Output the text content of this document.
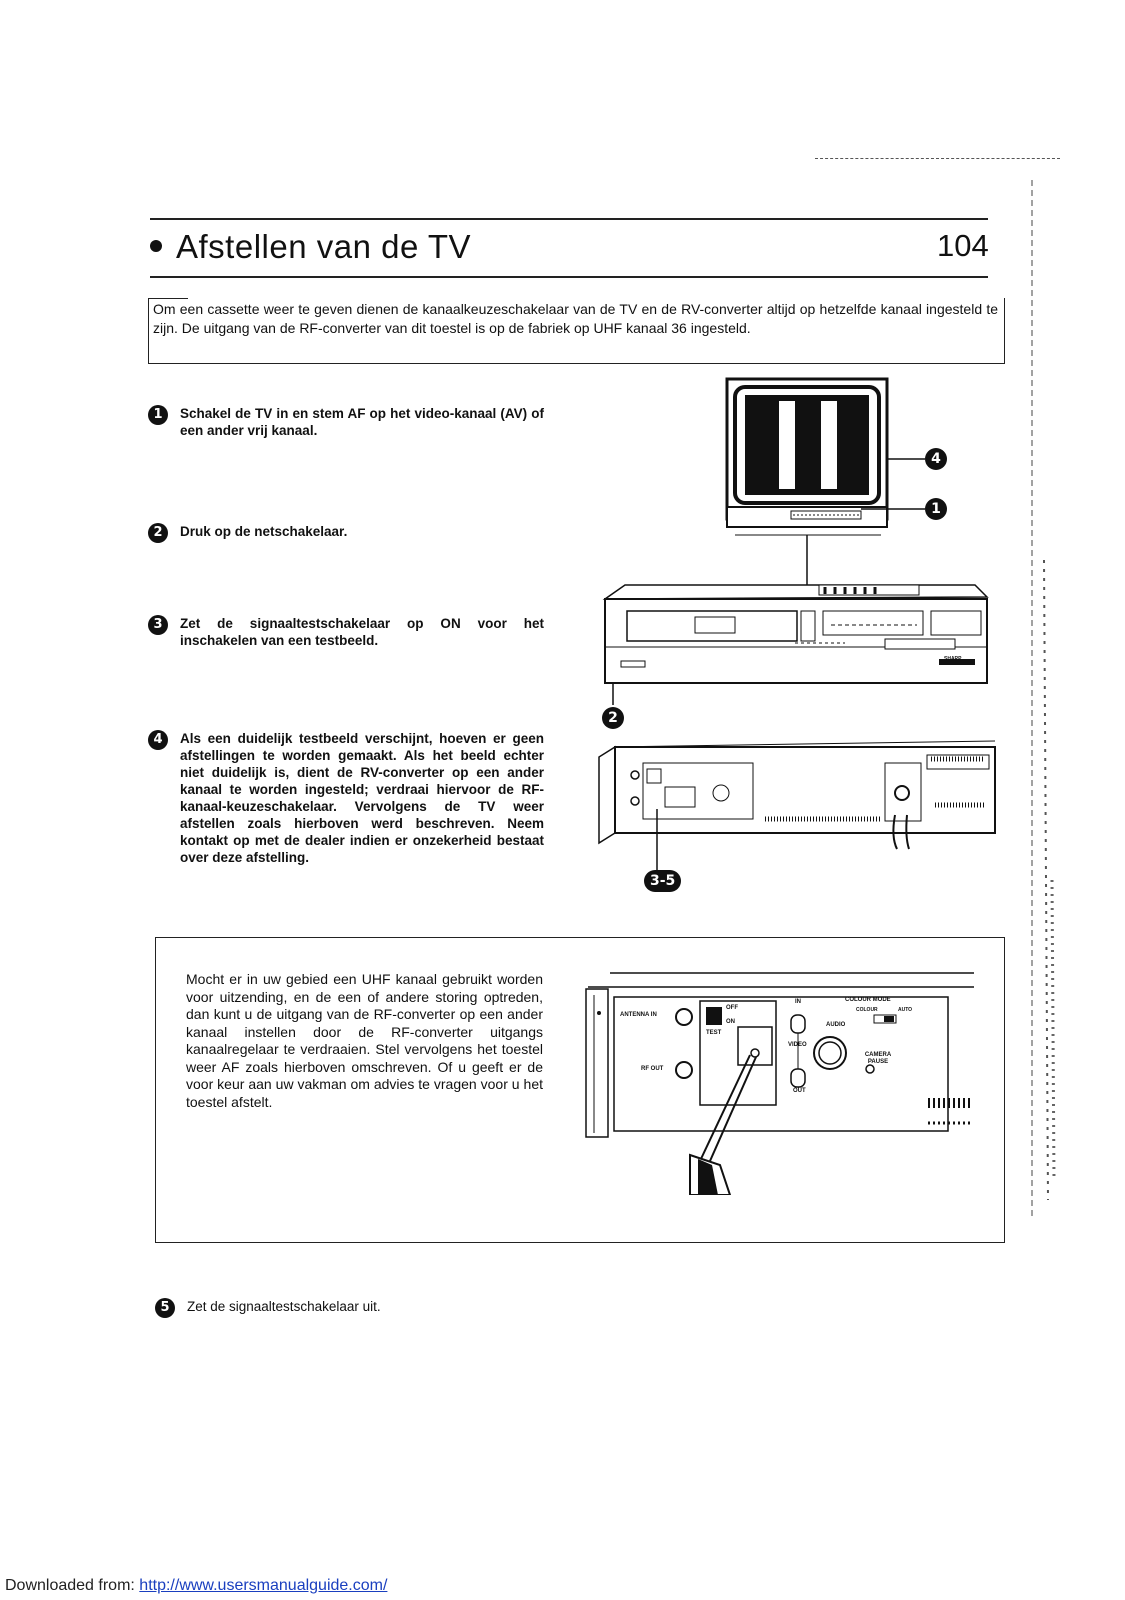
Afstellen van de TV	104
Om een cassette weer te geven dienen de kanaalkeuzeschakelaar van de TV en de RV-converter altijd op hetzelfde kanaal ingesteld te zijn. De uitgang van de RF-converter van dit toestel is op de fabriek op UHF kanaal 36 ingesteld.
1	Schakel de TV in en stem AF op het video-kanaal (AV) of een ander vrij kanaal.
2	Druk op de netschakelaar.
3	Zet de signaaltestschakelaar op ON voor het inschakelen van een testbeeld.
4	Als een duidelijk testbeeld verschijnt, hoeven er geen afstellingen te worden gemaakt. Als het beeld echter niet duidelijk is, dient de RV-converter op een ander kanaal te worden ingesteld; verdraai hiervoor de RF-kanaal-keuzeschakelaar. Vervolgens de TV weer afstellen zoals hierboven werd beschreven. Neem kontakt op met de dealer indien er onzekerheid bestaat over deze afstelling.
5	Zet de signaaltestschakelaar uit.
4
1
2
3-5
Mocht er in uw gebied een UHF kanaal gebruikt worden voor uitzending, en de een of andere storing optreden, dan kunt u de uitgang van de RF-converter op een ander kanaal instellen door de RF-converter uitgangs kanaalregelaar te verdraaien. Stel vervolgens het toestel weer AF zoals hierboven omschreven. Of u geeft er de voor keur aan uw vakman om advies te vragen voor u het toestel afstelt.
ANTENNA IN
RF OUT
OFF
ON
TEST
IN
VIDEO
OUT
AUDIO
COLOUR MODE
COLOUR	AUTO
CAMERA PAUSE
SHARP
Downloaded from: http://www.usersmanualguide.com/
